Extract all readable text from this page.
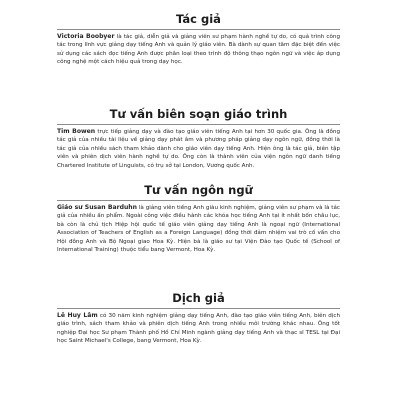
Tác giả

Victoria Boobyer là tác giả, diễn giả và giảng viên sư phạm hành nghề tự do, có quá trình công tác trong lĩnh vực giảng dạy tiếng Anh và quản lý giáo viên. Bà dành sự quan tâm đặc biệt đến việc sử dụng các sách đọc tiếng Anh được phân loại theo trình độ thông thạo ngôn ngữ và việc áp dụng công nghệ một cách hiệu quả trong dạy học.

Tư vấn biên soạn giáo trình

Tim Bowen trực tiếp giảng dạy và đào tạo giáo viên tiếng Anh tại hơn 30 quốc gia. Ông là đồng tác giả của nhiều tài liệu về giảng dạy phát âm và phương pháp giảng dạy ngôn ngữ, đồng thời là tác giả của nhiều sách tham khảo dành cho giáo viên dạy tiếng Anh. Hiện ông là tác giả, biên tập viên và phiên dịch viên hành nghề tự do. Ông còn là thành viên của viện ngôn ngữ danh tiếng Chartered Institute of Linguists, có trụ sở tại London, Vương quốc Anh.

Tư vấn ngôn ngữ

Giáo sư Susan Barduhn là giảng viên tiếng Anh giàu kinh nghiệm, giảng viên sư phạm và là tác giả của nhiều ấn phẩm. Ngoài công việc điều hành các khóa học tiếng Anh tại ít nhất bốn châu lục, bà còn là chủ tịch Hiệp hội quốc tế giáo viên giảng dạy tiếng Anh là ngoại ngữ (International Association of Teachers of English as a Foreign Language) đồng thời đảm nhiệm vai trò cố vấn cho Hội đồng Anh và Bộ Ngoại giao Hoa Kỳ. Hiện bà là giáo sư tại Viện Đào tạo Quốc tế (School of International Training) thuộc tiểu bang Vermont, Hoa Kỳ.

Dịch giả

Lê Huy Lâm có 30 năm kinh nghiệm giảng dạy tiếng Anh, đào tạo giáo viên tiếng Anh, biên dịch giáo trình, sách tham khảo và phiên dịch tiếng Anh trong nhiều môi trường khác nhau. Ông tốt nghiệp Đại học Sư phạm Thành phố Hồ Chí Minh ngành giảng dạy tiếng Anh và thạc sĩ TESL tại Đại học Saint Michael's College, bang Vermont, Hoa Kỳ.
